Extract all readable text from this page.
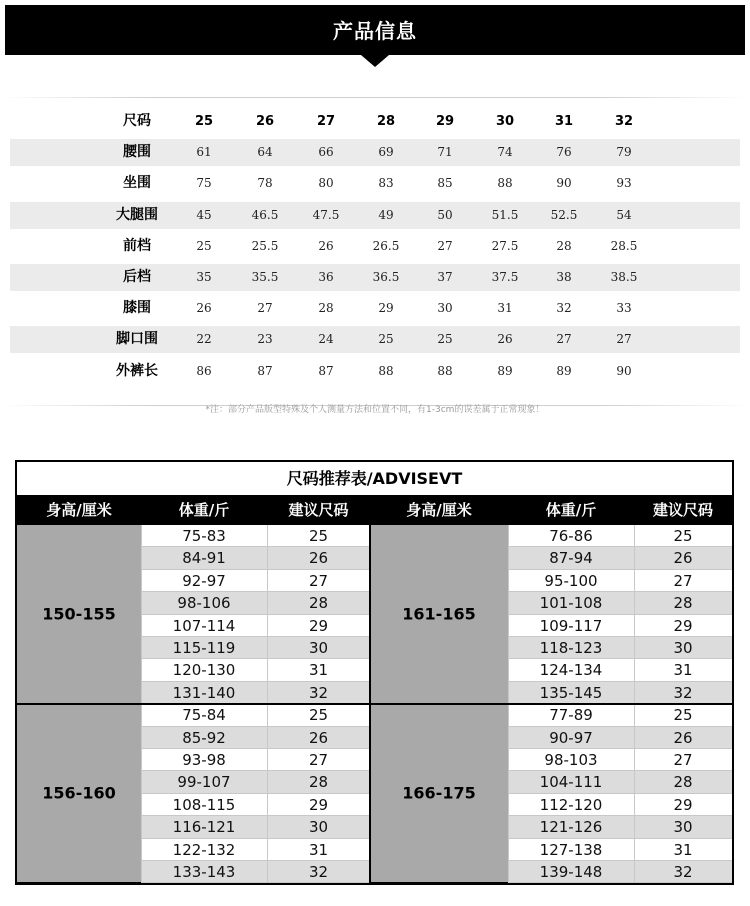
产品信息
尺码	25	26	27	28	29	30	31	32
腰围	61	64	66	69	71	74	76	79
坐围	75	78	80	83	85	88	90	93
大腿围	45	46.5	47.5	49	50	51.5	52.5	54
前档	25	25.5	26	26.5	27	27.5	28	28.5
后档	35	35.5	36	36.5	37	37.5	38	38.5
膝围	26	27	28	29	30	31	32	33
脚口围	22	23	24	25	25	26	27	27
外裤长	86	87	87	88	88	89	89	90
*注：部分产品版型特殊及个人测量方法和位置不同，有1-3cm的误差属于正常现象！
尺码推荐表/ADVISEVT
身高/厘米	体重/斤	建议尺码	身高/厘米	体重/斤	建议尺码
150-155
75-83	25
84-91	26
92-97	27
98-106	28
107-114	29
115-119	30
120-130	31
131-140	32
161-165
76-86	25
87-94	26
95-100	27
101-108	28
109-117	29
118-123	30
124-134	31
135-145	32
156-160
75-84	25
85-92	26
93-98	27
99-107	28
108-115	29
116-121	30
122-132	31
133-143	32
166-175
77-89	25
90-97	26
98-103	27
104-111	28
112-120	29
121-126	30
127-138	31
139-148	32
